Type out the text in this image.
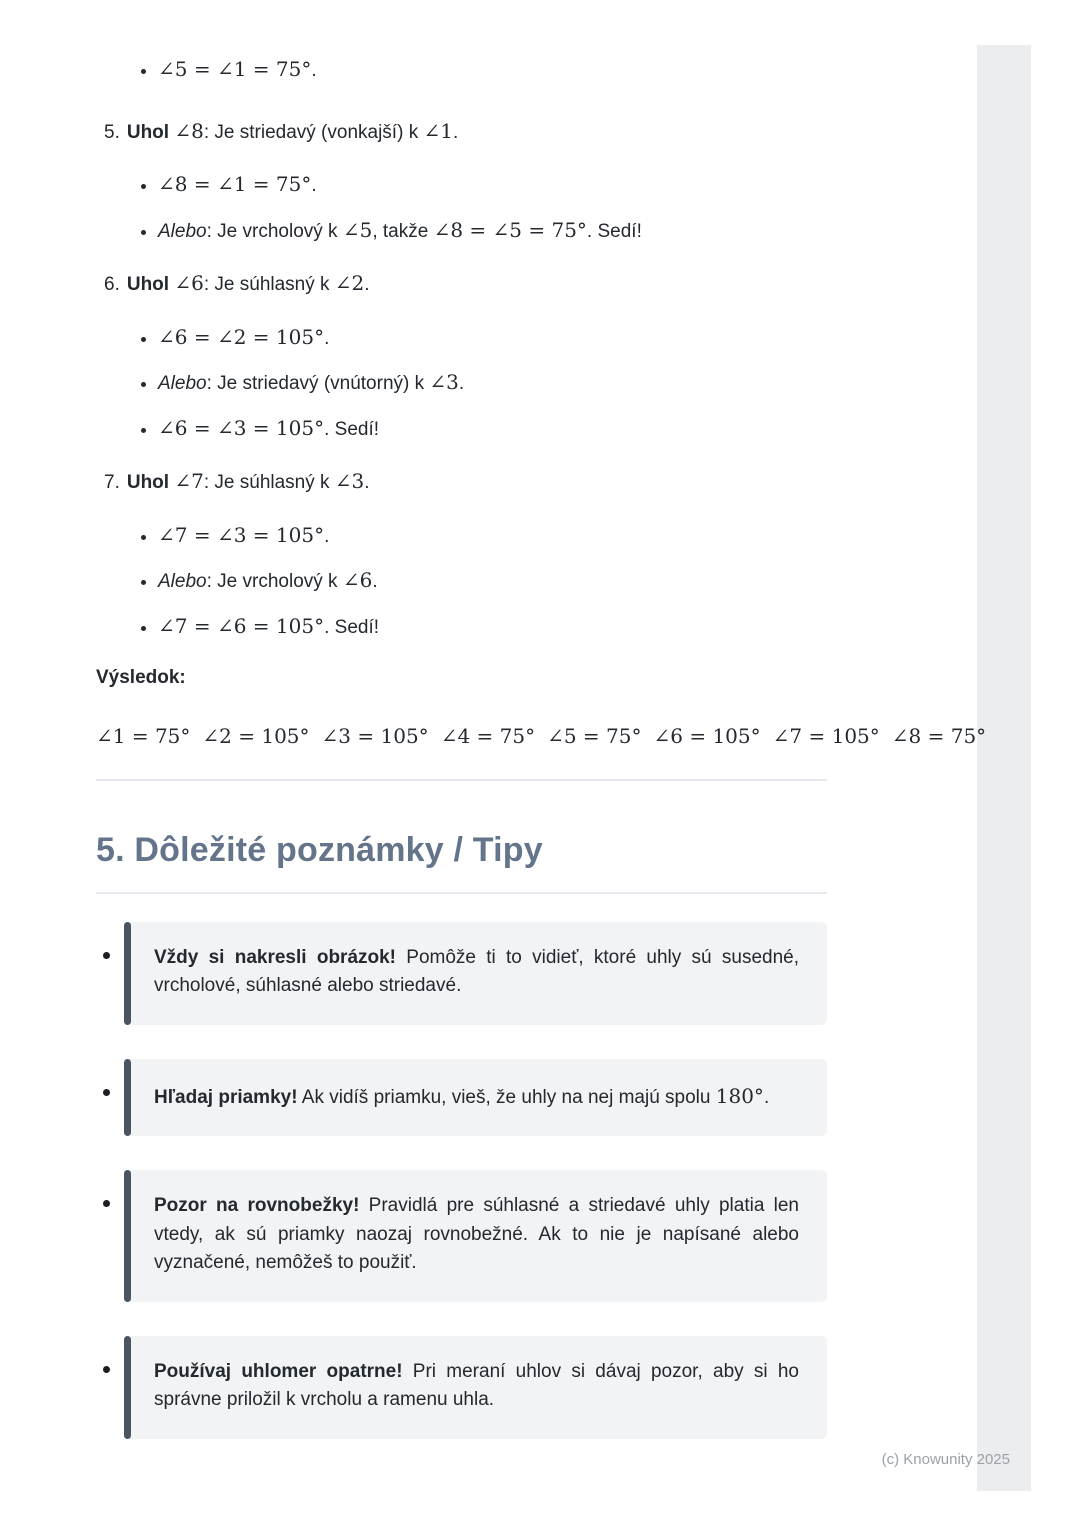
• ∠5 = ∠1 = 75°.
5. Uhol ∠8: Je striedavý (vonkajší) k ∠1.
• ∠8 = ∠1 = 75°.
• Alebo: Je vrcholový k ∠5, takže ∠8 = ∠5 = 75°. Sedí!
6. Uhol ∠6: Je súhlasný k ∠2.
• ∠6 = ∠2 = 105°.
• Alebo: Je striedavý (vnútorný) k ∠3.
• ∠6 = ∠3 = 105°. Sedí!
7. Uhol ∠7: Je súhlasný k ∠3.
• ∠7 = ∠3 = 105°.
• Alebo: Je vrcholový k ∠6.
• ∠7 = ∠6 = 105°. Sedí!

Výsledok:

∠1 = 75° ∠2 = 105° ∠3 = 105° ∠4 = 75° ∠5 = 75° ∠6 = 105° ∠7 = 105° ∠8 = 75°

5. Dôležité poznámky / Tipy
Vždy si nakresli obrázok! Pomôže ti to vidieť, ktoré uhly sú susedné, vrcholové, súhlasné alebo striedavé.
Hľadaj priamky! Ak vidíš priamku, vieš, že uhly na nej majú spolu 180°.
Pozor na rovnobežky! Pravidlá pre súhlasné a striedavé uhly platia len vtedy, ak sú priamky naozaj rovnobežné. Ak to nie je napísané alebo vyznačené, nemôžeš to použiť.
Používaj uhlomer opatrne! Pri meraní uhlov si dávaj pozor, aby si ho správne priložil k vrcholu a ramenu uhla.
(c) Knowunity 2025
